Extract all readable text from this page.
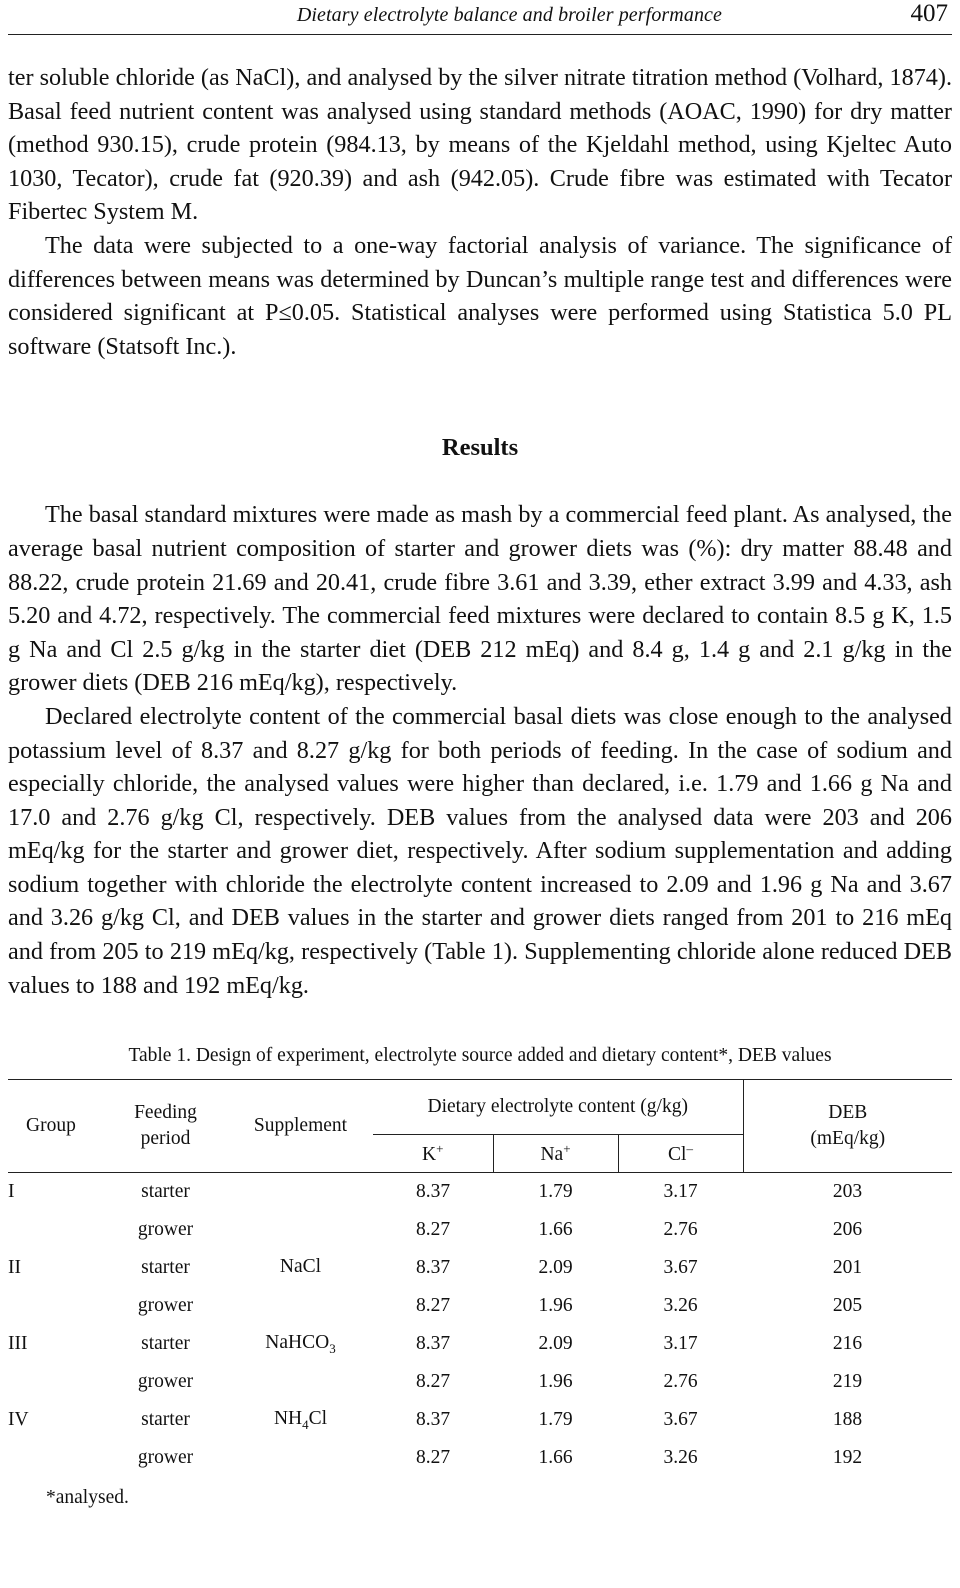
Dietary electrolyte balance and broiler performance	407

ter soluble chloride (as NaCl), and analysed by the silver nitrate titration method (Volhard, 1874). Basal feed nutrient content was analysed using standard methods (AOAC, 1990) for dry matter (method 930.15), crude protein (984.13, by means of the Kjeldahl method, using Kjeltec Auto 1030, Tecator), crude fat (920.39) and ash (942.05). Crude fibre was estimated with Tecator Fibertec System M.

The data were subjected to a one-way factorial analysis of variance. The significance of differences between means was determined by Duncan’s multiple range test and differences were considered significant at P≤0.05. Statistical analyses were performed using Statistica 5.0 PL software (Statsoft Inc.).

Results

The basal standard mixtures were made as mash by a commercial feed plant. As analysed, the average basal nutrient composition of starter and grower diets was (%): dry matter 88.48 and 88.22, crude protein 21.69 and 20.41, crude fibre 3.61 and 3.39, ether extract 3.99 and 4.33, ash 5.20 and 4.72, respectively. The commercial feed mixtures were declared to contain 8.5 g K, 1.5 g Na and Cl 2.5 g/kg in the starter diet (DEB 212 mEq) and 8.4 g, 1.4 g and 2.1 g/kg in the grower diets (DEB 216 mEq/kg), respectively.

Declared electrolyte content of the commercial basal diets was close enough to the analysed potassium level of 8.37 and 8.27 g/kg for both periods of feeding. In the case of sodium and especially chloride, the analysed values were higher than declared, i.e. 1.79 and 1.66 g Na and 17.0 and 2.76 g/kg Cl, respectively. DEB values from the analysed data were 203 and 206 mEq/kg for the starter and grower diet, respectively. After sodium supplementation and adding sodium together with chloride the electrolyte content increased to 2.09 and 1.96 g Na and 3.67 and 3.26 g/kg Cl, and DEB values in the starter and grower diets ranged from 201 to 216 mEq and from 205 to 219 mEq/kg, respectively (Table 1). Supplementing chloride alone reduced DEB values to 188 and 192 mEq/kg.

Table 1. Design of experiment, electrolyte source added and dietary content*, DEB values

Group	Feeding
period	Supplement	Dietary electrolyte content (g/kg)			DEB
(mEq/kg)

			K+	Na+	Cl–
I	starter		8.37	1.79	3.17	203
	grower		8.27	1.66	2.76	206
II	starter	NaCl	8.37	2.09	3.67	201
	grower		8.27	1.96	3.26	205
III	starter	NaHCO$_3$	8.37	2.09	3.17	216
	grower		8.27	1.96	2.76	219
IV	starter	$NH_4Cl$	8.37	1.79	3.67	188
	grower		8.27	1.66	3.26	192

*analysed.
